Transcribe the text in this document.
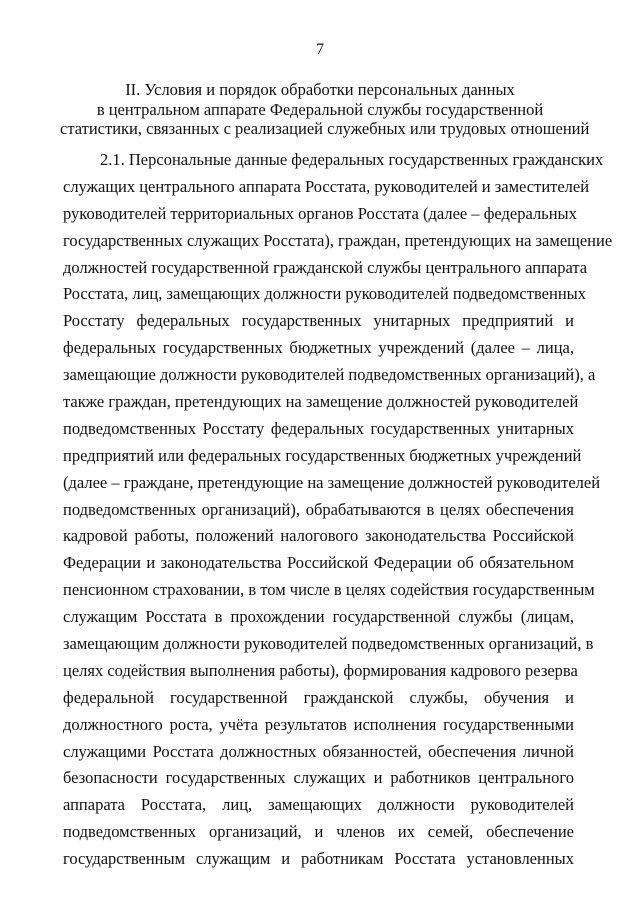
7
II. Условия и порядок обработки персональных данных
в центральном аппарате Федеральной службы государственной
статистики, связанных с реализацией служебных или трудовых отношений
2.1. Персональные данные федеральных государственных гражданских
служащих центрального аппарата Росстата, руководителей и заместителей
руководителей территориальных органов Росстата (далее – федеральных
государственных служащих Росстата), граждан, претендующих на замещение
должностей государственной гражданской службы центрального аппарата
Росстата, лиц, замещающих должности руководителей подведомственных
Росстату федеральных государственных унитарных предприятий и
федеральных государственных бюджетных учреждений (далее – лица,
замещающие должности руководителей подведомственных организаций), а
также граждан, претендующих на замещение должностей руководителей
подведомственных Росстату федеральных государственных унитарных
предприятий или федеральных государственных бюджетных учреждений
(далее – граждане, претендующие на замещение должностей руководителей
подведомственных организаций), обрабатываются в целях обеспечения
кадровой работы, положений налогового законодательства Российской
Федерации и законодательства Российской Федерации об обязательном
пенсионном страховании, в том числе в целях содействия государственным
служащим Росстата в прохождении государственной службы (лицам,
замещающим должности руководителей подведомственных организаций, в
целях содействия выполнения работы), формирования кадрового резерва
федеральной государственной гражданской службы, обучения и
должностного роста, учёта результатов исполнения государственными
служащими Росстата должностных обязанностей, обеспечения личной
безопасности государственных служащих и работников центрального
аппарата Росстата, лиц, замещающих должности руководителей
подведомственных организаций, и членов их семей, обеспечение
государственным служащим и работникам Росстата установленных
